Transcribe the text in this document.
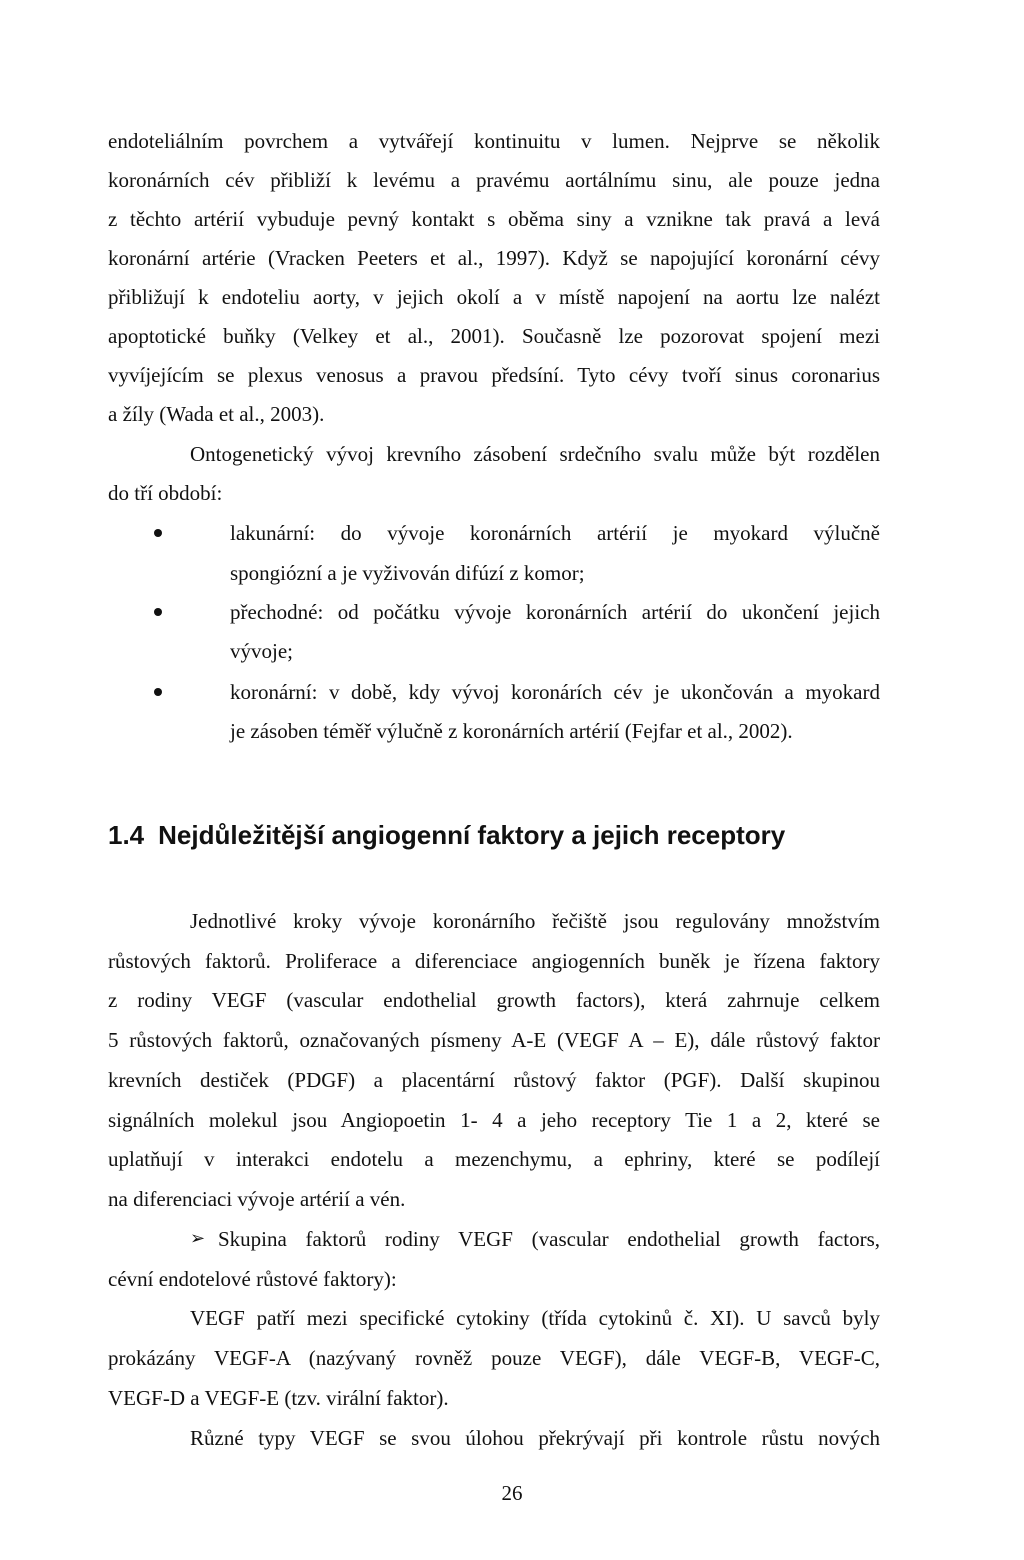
endoteliálním povrchem a vytvářejí kontinuitu v lumen. Nejprve se několik
koronárních cév přibliží k levému a pravému aortálnímu sinu, ale pouze jedna
z těchto artérií vybuduje pevný kontakt s oběma siny a vznikne tak pravá a levá
koronární artérie (Vracken Peeters et al., 1997). Když se napojující koronární cévy
přibližují k endoteliu aorty, v jejich okolí a v místě napojení na aortu lze nalézt
apoptotické buňky (Velkey et al., 2001). Současně lze pozorovat spojení mezi
vyvíjejícím se plexus venosus a pravou předsíní. Tyto cévy tvoří sinus coronarius
a žíly (Wada et al., 2003).
Ontogenetický vývoj krevního zásobení srdečního svalu může být rozdělen
do tří období:
lakunární: do vývoje koronárních artérií je myokard výlučně
spongiózní a je vyživován difúzí z komor;
přechodné: od počátku vývoje koronárních artérií do ukončení jejich
vývoje;
koronární: v době, kdy vývoj koronárích cév je ukončován a myokard
je zásoben téměř výlučně z koronárních artérií (Fejfar et al., 2002).
1.4 Nejdůležitější angiogenní faktory a jejich receptory
Jednotlivé kroky vývoje koronárního řečiště jsou regulovány množstvím
růstových faktorů. Proliferace a diferenciace angiogenních buněk je řízena faktory
z rodiny VEGF (vascular endothelial growth factors), která zahrnuje celkem
5 růstových faktorů, označovaných písmeny A-E (VEGF A – E), dále růstový faktor
krevních destiček (PDGF) a placentární růstový faktor (PGF). Další skupinou
signálních molekul jsou Angiopoetin 1- 4 a jeho receptory Tie 1 a 2, které se
uplatňují v interakci endotelu a mezenchymu, a ephriny, které se podílejí
na diferenciaci vývoje artérií a vén.
➢ Skupina faktorů rodiny VEGF (vascular endothelial growth factors,
cévní endotelové růstové faktory):
VEGF patří mezi specifické cytokiny (třída cytokinů č. XI). U savců byly
prokázány VEGF-A (nazývaný rovněž pouze VEGF), dále VEGF-B, VEGF-C,
VEGF-D a VEGF-E (tzv. virální faktor).
Různé typy VEGF se svou úlohou překrývají při kontrole růstu nových
26
